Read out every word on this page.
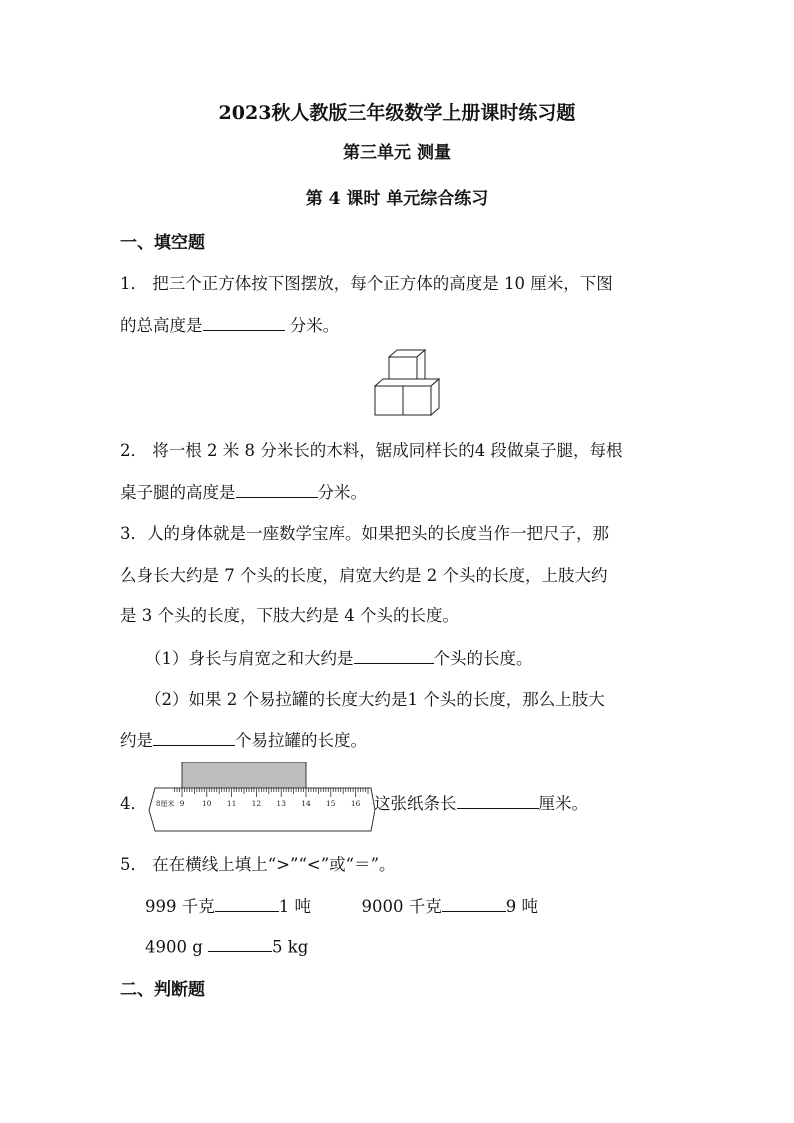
2023秋人教版三年级数学上册课时练习题
第三单元 测量
第 4 课时 单元综合练习
一、填空题
1． 把三个正方体按下图摆放，每个正方体的高度是 10 厘米，下图
的总高度是	分米。
2． 将一根 2 米 8 分米长的木料，锯成同样长的4 段做桌子腿，每根
桌子腿的高度是	分米。
3．人的身体就是一座数学宝库。如果把头的长度当作一把尺子，那
么身长大约是 7 个头的长度，肩宽大约是 2 个头的长度，上肢大约
是 3 个头的长度，下肢大约是 4 个头的长度。
（1）身长与肩宽之和大约是	个头的长度。
（2）如果 2 个易拉罐的长度大约是1 个头的长度，那么上肢大
约是	个易拉罐的长度。
4． 8厘米 9 10 11 12 13 14 15 16 这张纸条长	厘米。
5． 在在横线上填上“>”“<”或“＝”。
999 千克	1 吨	9000 千克	9 吨
4900 g	5 kg
二、判断题
